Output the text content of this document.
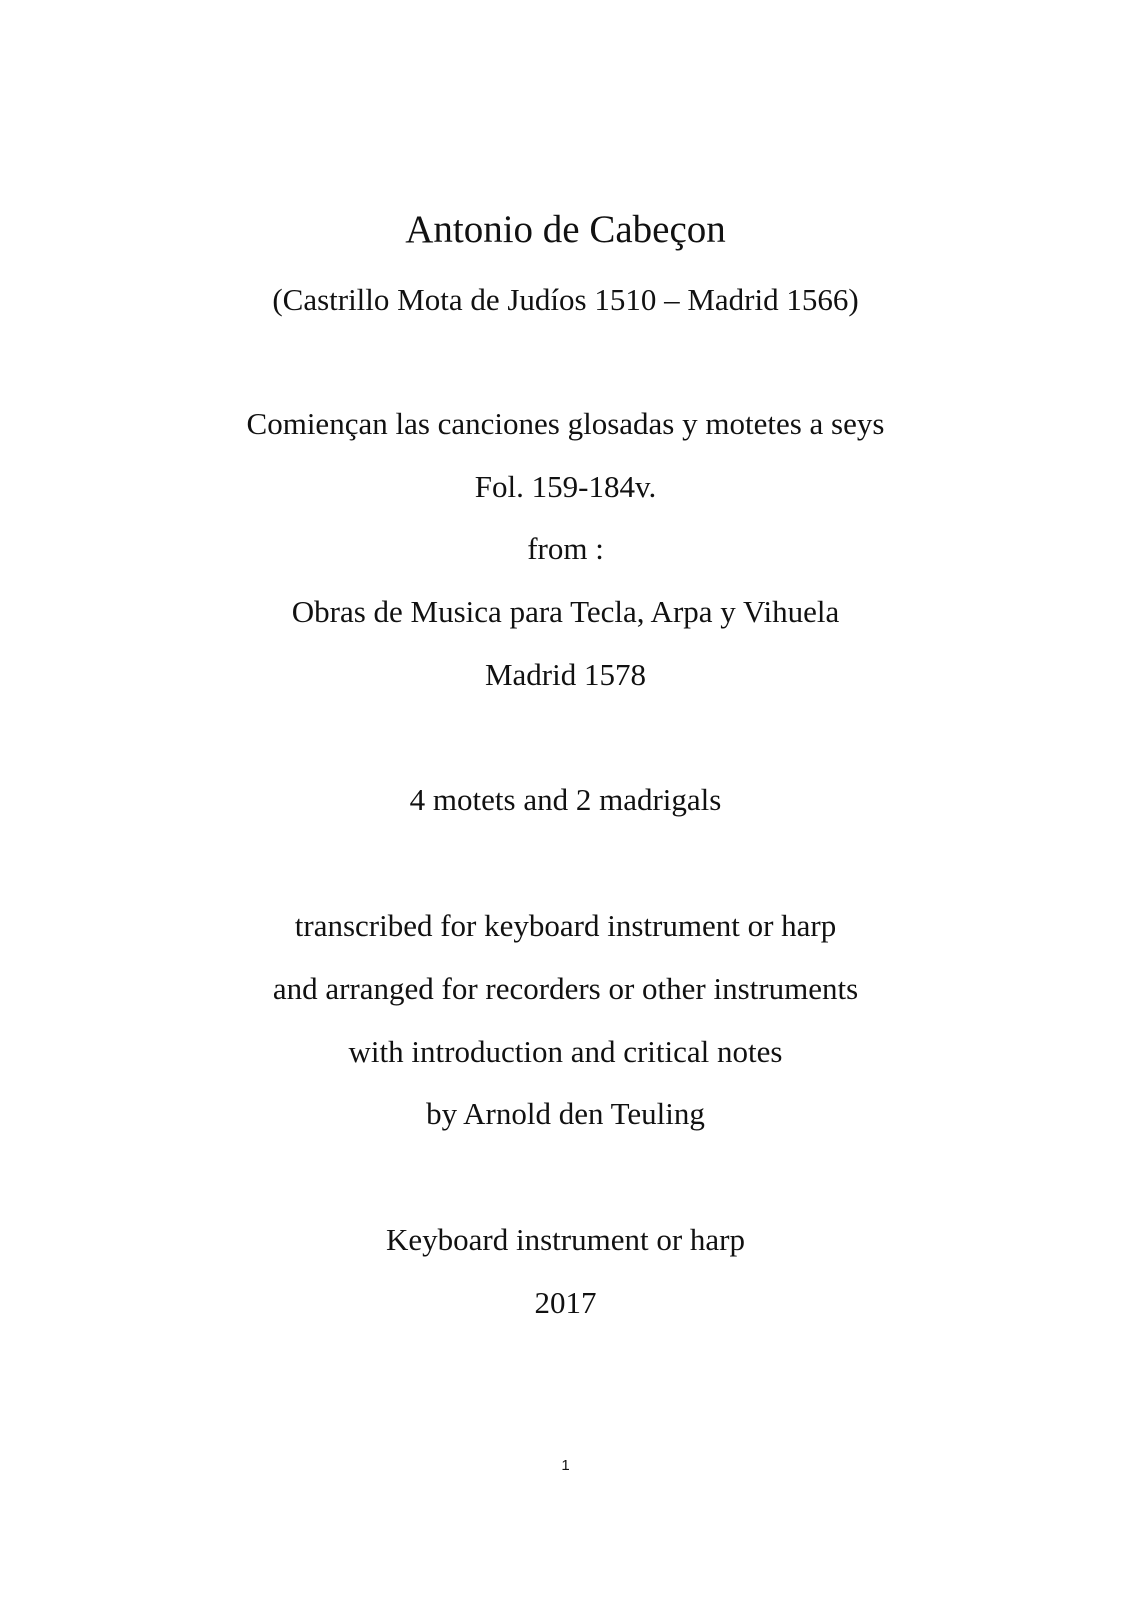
Antonio de Cabeçon
(Castrillo Mota de Judíos 1510 – Madrid 1566)
Comiençan las canciones glosadas y motetes a seys
Fol. 159-184v.
from :
Obras de Musica para Tecla, Arpa y Vihuela
Madrid 1578
4 motets and 2 madrigals
transcribed for keyboard instrument or harp
and arranged for recorders or other instruments
with introduction and critical notes
by Arnold den Teuling
Keyboard instrument or harp
2017
1
